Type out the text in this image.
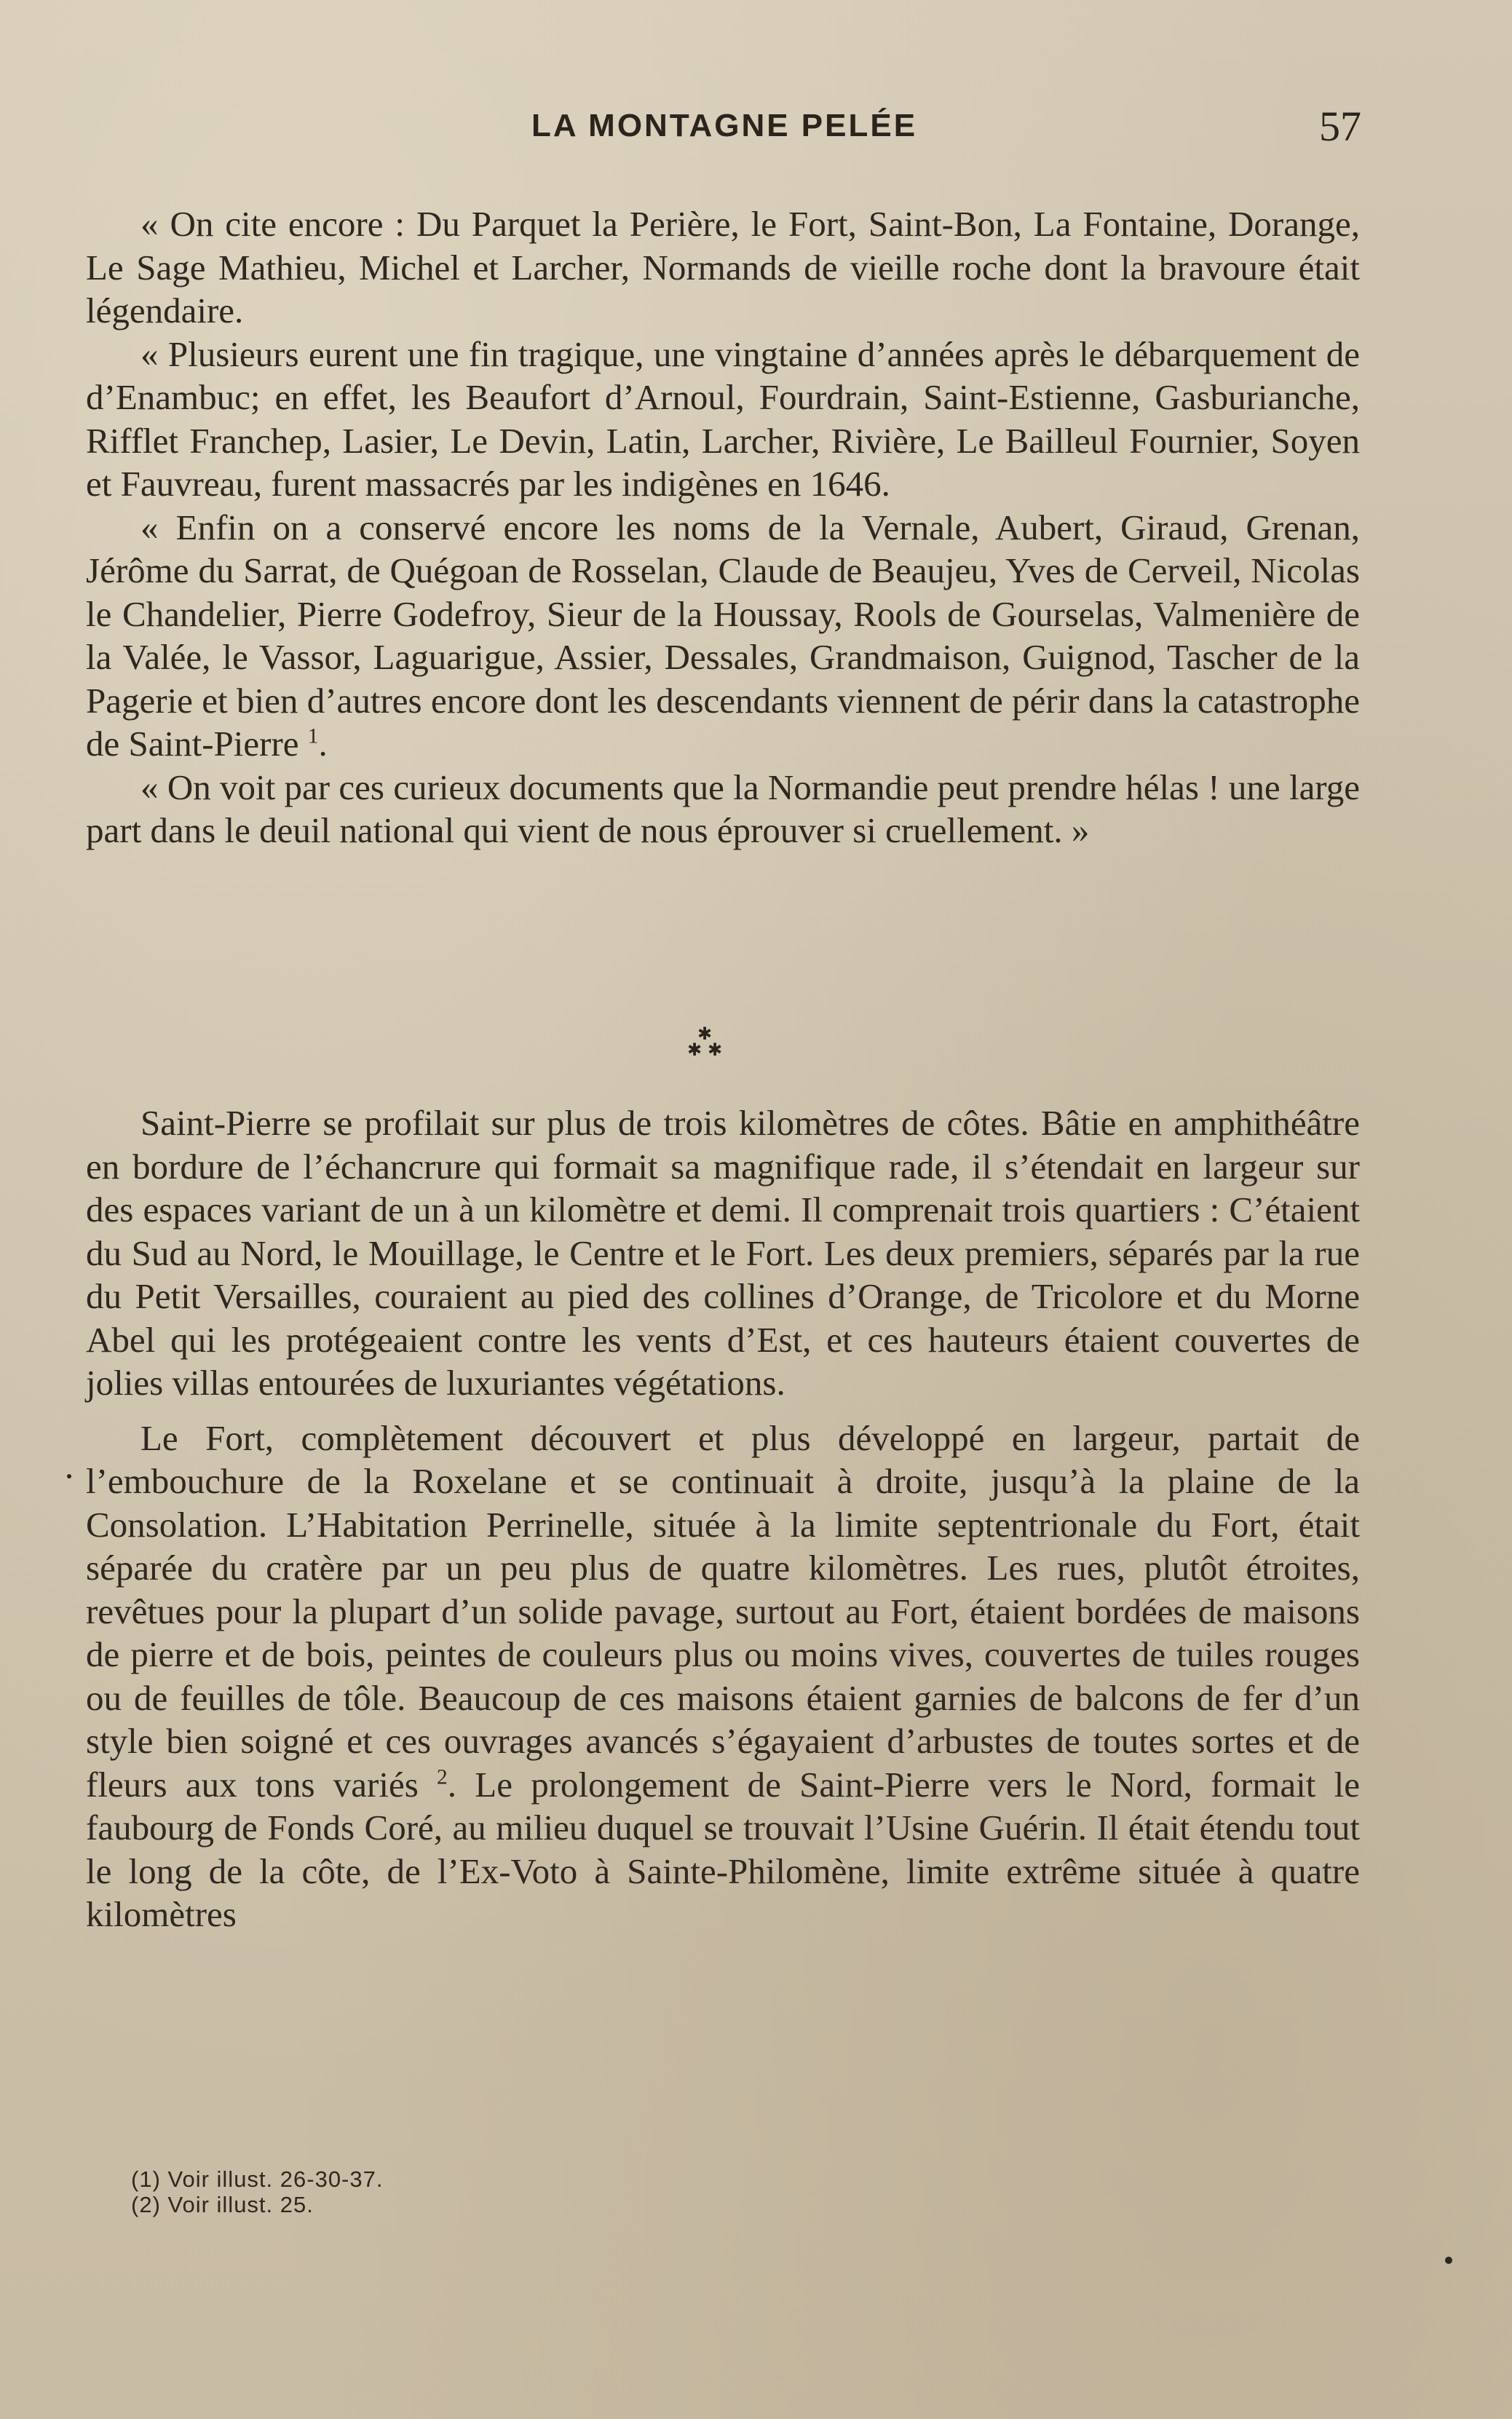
LA MONTAGNE PELÉE	57

« On cite encore : Du Parquet la Perière, le Fort, Saint-Bon, La Fontaine, Dorange, Le Sage Mathieu, Michel et Larcher, Normands de vieille roche dont la bravoure était légendaire.

« Plusieurs eurent une fin tragique, une vingtaine d’années après le débarquement de d’Enambuc; en effet, les Beaufort d’Arnoul, Fourdrain, Saint-Estienne, Gasburianche, Rifflet Franchep, Lasier, Le Devin, Latin, Larcher, Rivière, Le Bailleul Fournier, Soyen et Fauvreau, furent massacrés par les indigènes en 1646.

« Enfin on a conservé encore les noms de la Vernale, Aubert, Giraud, Grenan, Jérôme du Sarrat, de Quégoan de Rosselan, Claude de Beaujeu, Yves de Cerveil, Nicolas le Chandelier, Pierre Godefroy, Sieur de la Houssay, Rools de Gourselas, Valmenière de la Valée, le Vassor, Laguarigue, Assier, Dessales, Grandmaison, Guignod, Tascher de la Pagerie et bien d’autres encore dont les descendants viennent de périr dans la catastrophe de Saint-Pierre $^1$.

« On voit par ces curieux documents que la Normandie peut prendre hélas ! une large part dans le deuil national qui vient de nous éprouver si cruellement. »

✱
✱ ✱

Saint-Pierre se profilait sur plus de trois kilomètres de côtes. Bâtie en amphithéâtre en bordure de l’échancrure qui formait sa magnifique rade, il s’étendait en largeur sur des espaces variant de un à un kilomètre et demi. Il comprenait trois quartiers : C’étaient du Sud au Nord, le Mouillage, le Centre et le Fort. Les deux premiers, séparés par la rue du Petit Versailles, couraient au pied des collines d’Orange, de Tricolore et du Morne Abel qui les protégeaient contre les vents d’Est, et ces hauteurs étaient couvertes de jolies villas entourées de luxuriantes végétations.

Le Fort, complètement découvert et plus développé en largeur, partait de l’embouchure de la Roxelane et se continuait à droite, jusqu’à la plaine de la Consolation. L’Habitation Perrinelle, située à la limite septentrionale du Fort, était séparée du cratère par un peu plus de quatre kilomètres. Les rues, plutôt étroites, revêtues pour la plupart d’un solide pavage, surtout au Fort, étaient bordées de maisons de pierre et de bois, peintes de couleurs plus ou moins vives, couvertes de tuiles rouges ou de feuilles de tôle. Beaucoup de ces maisons étaient garnies de balcons de fer d’un style bien soigné et ces ouvrages avancés s’égayaient d’arbustes de toutes sortes et de fleurs aux tons variés $^2$. Le prolongement de Saint-Pierre vers le Nord, formait le faubourg de Fonds Coré, au milieu duquel se trouvait l’Usine Guérin. Il était étendu tout le long de la côte, de l’Ex-Voto à Sainte-Philomène, limite extrême située à quatre kilomètres

(1) Voir illust. 26-30-37.
(2) Voir illust. 25.
